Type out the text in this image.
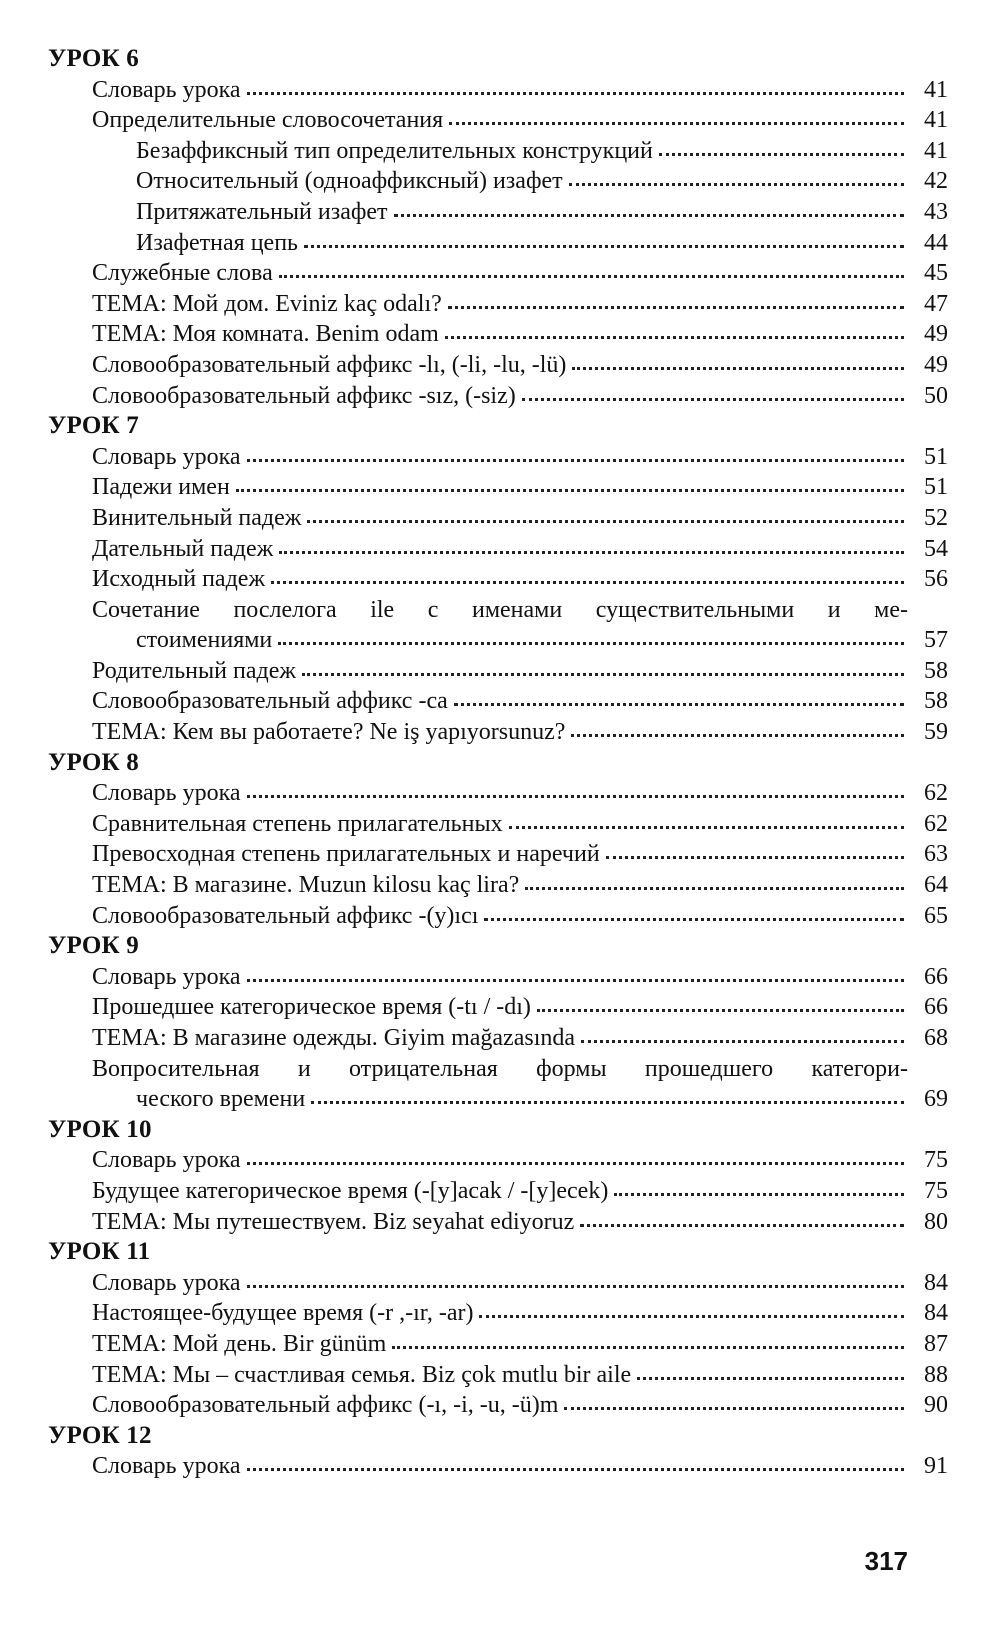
УРОК 6
Словарь урока	41
Определительные словосочетания	41
Безаффиксный тип определительных конструкций	41
Относительный (одноаффиксный) изафет	42
Притяжательный изафет	43
Изафетная цепь	44
Служебные слова	45
ТЕМА: Мой дом. Eviniz kaç odalı?	47
ТЕМА: Моя комната. Benim odam	49
Словообразовательный аффикс -lı, (-li, -lu, -lü)	49
Словообразовательный аффикс -sız, (-siz)	50
УРОК 7
Словарь урока	51
Падежи имен	51
Винительный падеж	52
Дательный падеж	54
Исходный падеж	56
Сочетание послелога ile с именами существительными и ме-
стоимениями	57
Родительный падеж	58
Словообразовательный аффикс -ca	58
ТЕМА: Кем вы работаете? Ne iş yapıyorsunuz?	59
УРОК 8
Словарь урока	62
Сравнительная степень прилагательных	62
Превосходная степень прилагательных и наречий	63
ТЕМА: В магазине. Muzun kilosu kaç lira?	64
Словообразовательный аффикс -(y)ıcı	65
УРОК 9
Словарь урока	66
Прошедшее категорическое время (-tı / -dı)	66
ТЕМА: В магазине одежды. Giyim mağazasında	68
Вопросительная и отрицательная формы прошедшего категори-
ческого времени	69
УРОК 10
Словарь урока	75
Будущее категорическое время (-[y]acak / -[y]ecek)	75
ТЕМА: Мы путешествуем. Biz seyahat ediyoruz	80
УРОК 11
Словарь урока	84
Настоящее-будущее время (-r ,-ır, -ar)	84
ТЕМА: Мой день. Bir günüm	87
ТЕМА: Мы – счастливая семья. Biz çok mutlu bir aile	88
Словообразовательный аффикс (-ı, -i, -u, -ü)m	90
УРОК 12
Словарь урока	91
317
